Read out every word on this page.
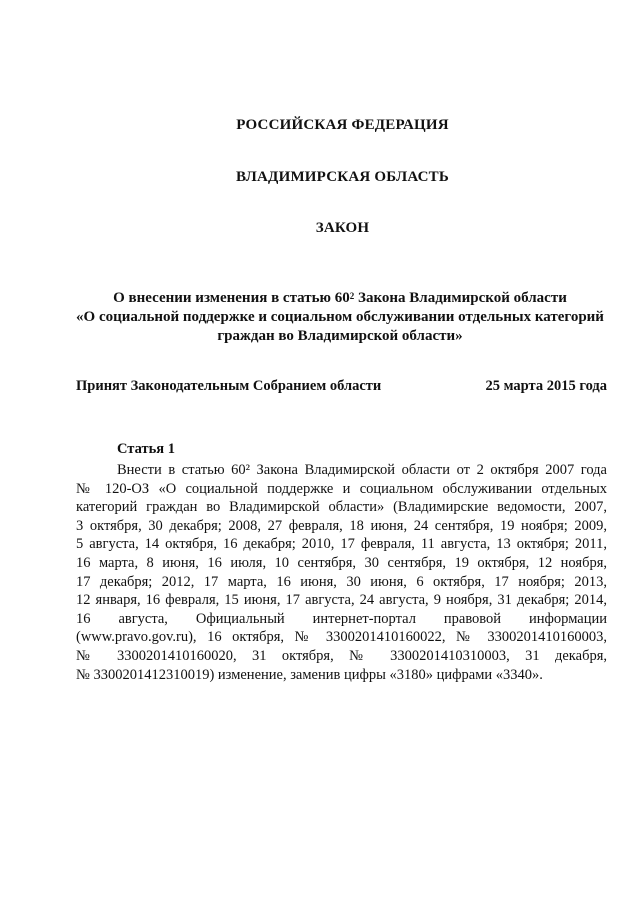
РОССИЙСКАЯ ФЕДЕРАЦИЯ
ВЛАДИМИРСКАЯ ОБЛАСТЬ
ЗАКОН
О внесении изменения в статью $60^2$ Закона Владимирской области
«О социальной поддержке и социальном обслуживании отдельных категорий
граждан во Владимирской области»
Принят Законодательным Собранием области	25 марта 2015 года
Статья 1
Внести в статью 60² Закона Владимирской области от 2 октября 2007 года
№ 120-ОЗ «О социальной поддержке и социальном обслуживании отдельных
категорий граждан во Владимирской области» (Владимирские ведомости, 2007,
3 октября, 30 декабря; 2008, 27 февраля, 18 июня, 24 сентября, 19 ноября; 2009,
5 августа, 14 октября, 16 декабря; 2010, 17 февраля, 11 августа, 13 октября; 2011,
16 марта, 8 июня, 16 июля, 10 сентября, 30 сентября, 19 октября, 12 ноября,
17 декабря; 2012, 17 марта, 16 июня, 30 июня, 6 октября, 17 ноября; 2013,
12 января, 16 февраля, 15 июня, 17 августа, 24 августа, 9 ноября, 31 декабря; 2014,
16 августа, Официальный интернет-портал правовой информации
(www.pravo.gov.ru), 16 октября, № 3300201410160022, № 3300201410160003,
№ 3300201410160020, 31 октября, № 3300201410310003, 31 декабря,
№ 3300201412310019) изменение, заменив цифры «3180» цифрами «3340».
